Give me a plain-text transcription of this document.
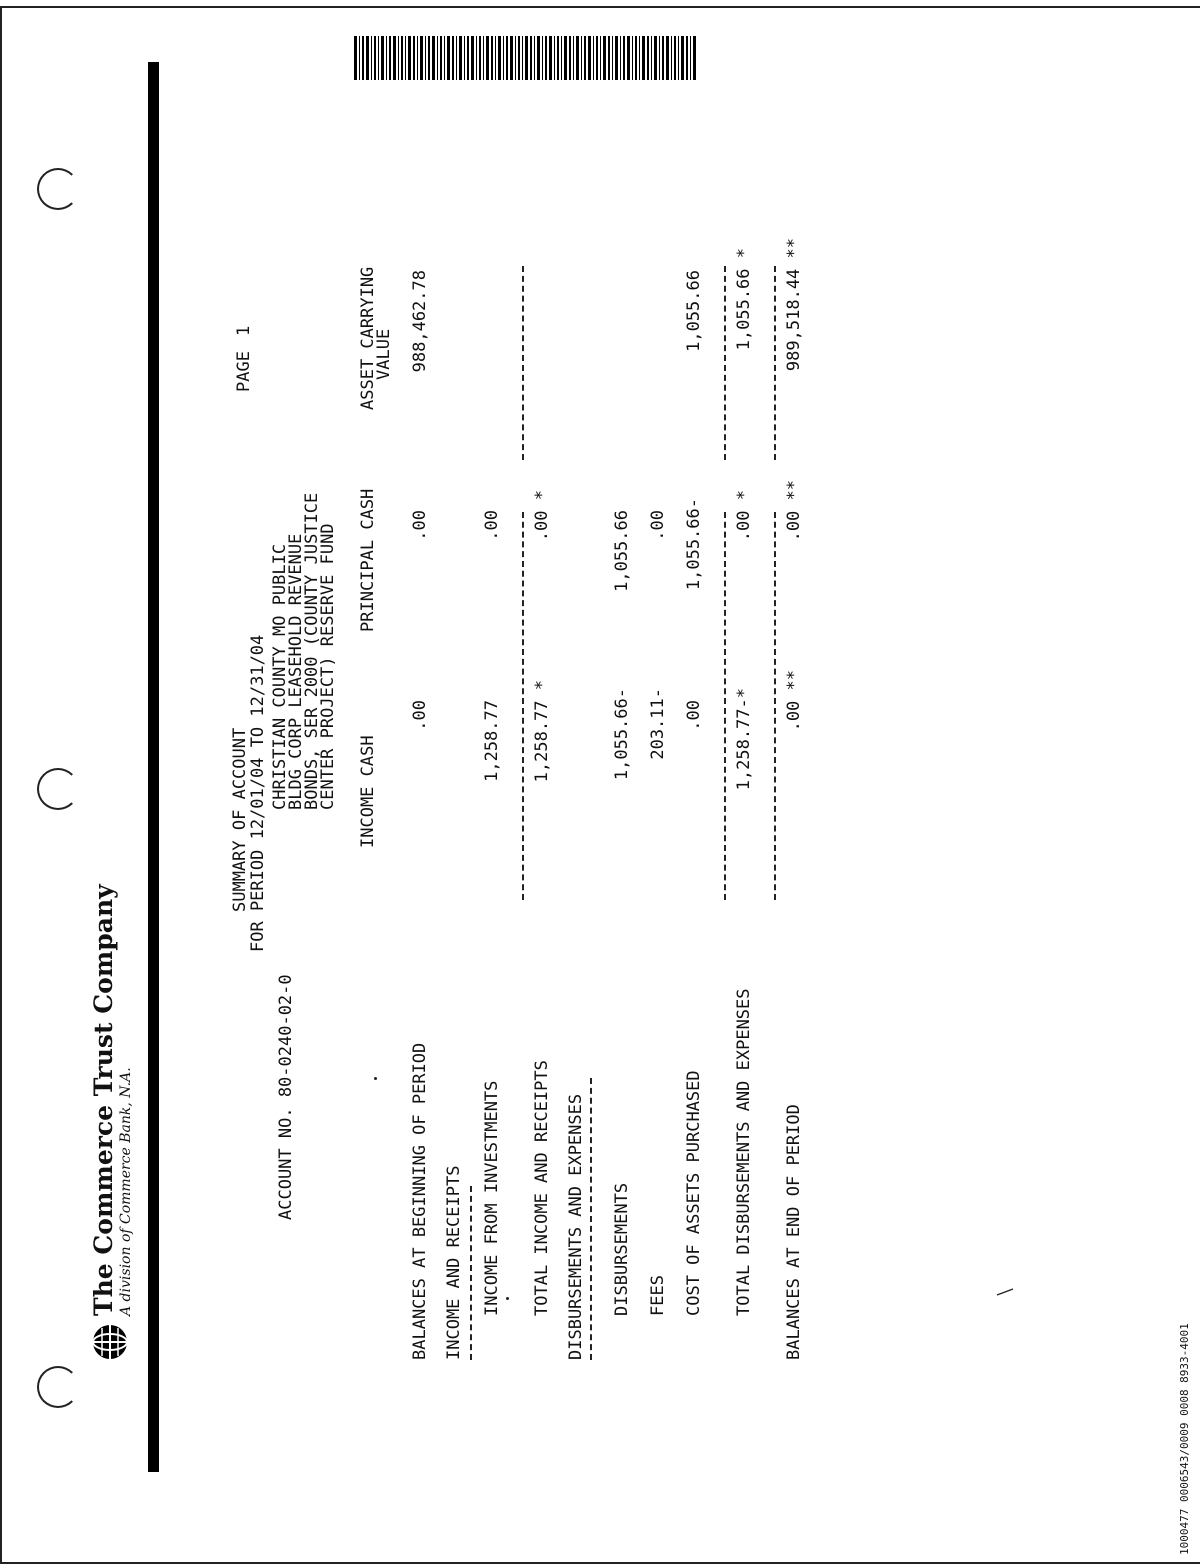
1000477 0006543/0009 0008 8933-4001
The Commerce Trust Company A division of Commerce Bank, N.A.	ACCOUNT NO. 80-0240-02-0
SUMMARY OF ACCOUNT
FOR PERIOD 12/01/04 TO 12/31/04 CHRISTIAN COUNTY MO PUBLIC
BLDG CORP LEASEHOLD REVENUE
BONDS, SER 2000 (COUNTY JUSTICE
CENTER PROJECT) RESERVE FUND
PAGE
1
INCOME CASH
PRINCIPAL CASH
ASSET CARRYING
VALUE
BALANCES AT BEGINNING OF PERIOD
.00
.00
988,462.78
INCOME AND RECEIPTS INCOME FROM INVESTMENTS
1,258.77
.00
TOTAL INCOME AND RECEIPTS
1,258.77 *
.00 *
DISBURSEMENTS AND EXPENSES DISBURSEMENTS
1,055.66-
1,055.66
FEES
203.11-
.00
COST OF ASSETS PURCHASED
.00
1,055.66-
1,055.66
TOTAL DISBURSEMENTS AND EXPENSES
1,258.77-*
.00 *
1,055.66 *
BALANCES AT END OF PERIOD
.00 **
.00 **
989,518.44 **
